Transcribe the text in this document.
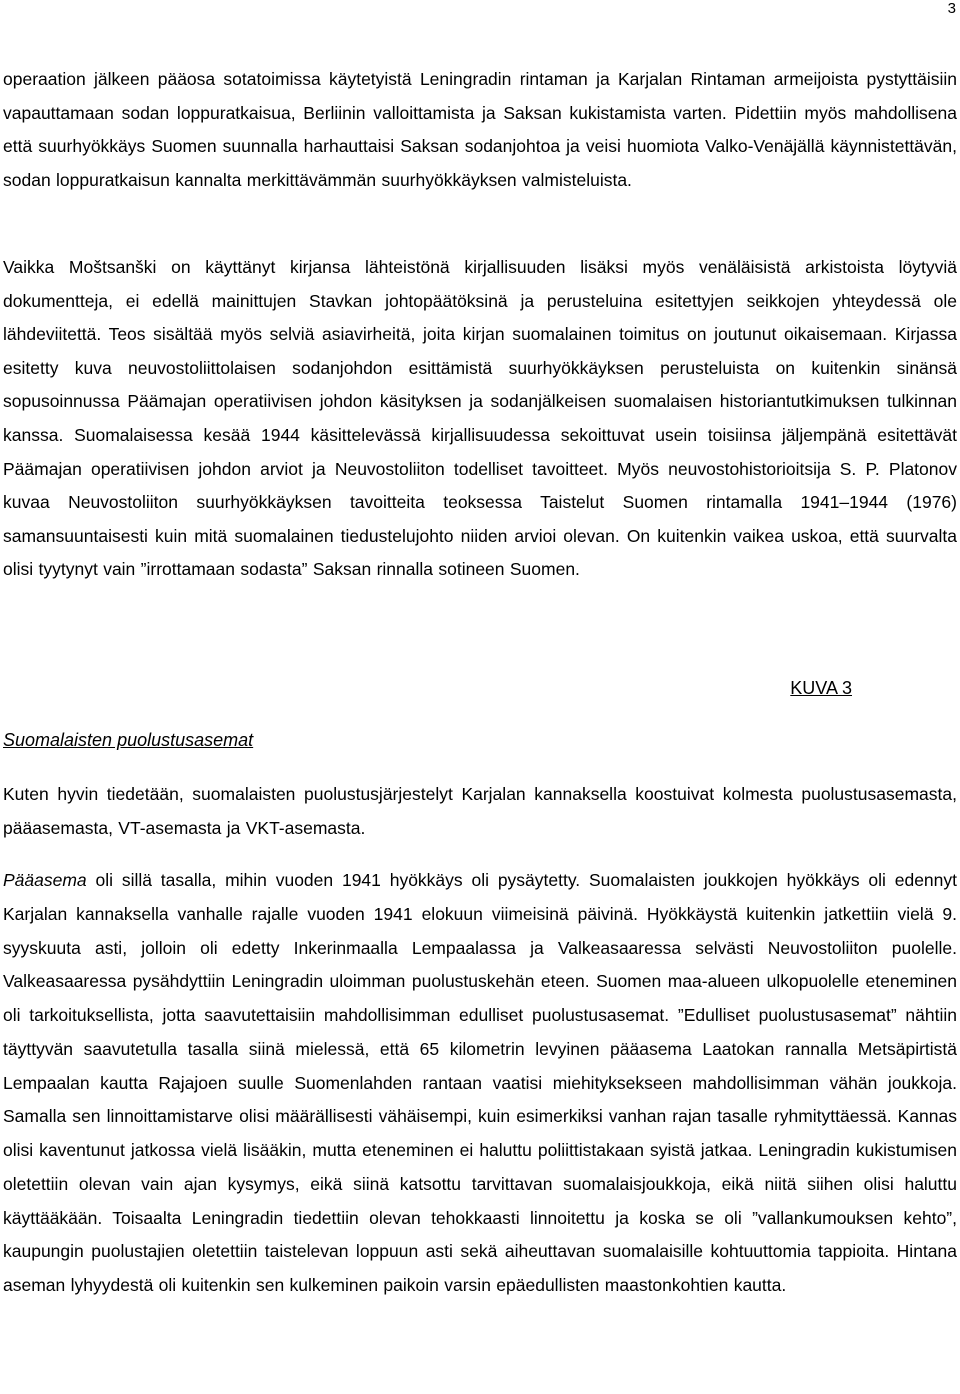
3

operaation jälkeen pääosa sotatoimissa käytetyistä Leningradin rintaman ja Karjalan Rintaman armeijoista pystyttäisiin vapauttamaan sodan loppuratkaisua, Berliinin valloittamista ja Saksan kukistamista varten. Pidettiin myös mahdollisena että suurhyökkäys Suomen suunnalla harhauttaisi Saksan sodanjohtoa ja veisi huomiota Valko-Venäjällä käynnistettävän, sodan loppuratkaisun kannalta merkittävämmän suurhyökkäyksen valmisteluista.

Vaikka Moštsanški on käyttänyt kirjansa lähteistönä kirjallisuuden lisäksi myös venäläisistä arkistoista löytyviä dokumentteja, ei edellä mainittujen Stavkan johtopäätöksinä ja perusteluina esitettyjen seikkojen yhteydessä ole lähdeviitettä. Teos sisältää myös selviä asiavirheitä, joita kirjan suomalainen toimitus on joutunut oikaisemaan. Kirjassa esitetty kuva neuvostoliittolaisen sodanjohdon esittämistä suurhyökkäyksen perusteluista on kuitenkin sinänsä sopusoinnussa Päämajan operatiivisen johdon käsityksen ja sodanjälkeisen suomalaisen historiantutkimuksen tulkinnan kanssa. Suomalaisessa kesää 1944 käsittelevässä kirjallisuudessa sekoittuvat usein toisiinsa jäljempänä esitettävät Päämajan operatiivisen johdon arviot ja Neuvostoliiton todelliset tavoitteet. Myös neuvostohistorioitsija S. P. Platonov kuvaa Neuvostoliiton suurhyökkäyksen tavoitteita teoksessa Taistelut Suomen rintamalla 1941–1944 (1976) samansuuntaisesti kuin mitä suomalainen tiedustelujohto niiden arvioi olevan. On kuitenkin vaikea uskoa, että suurvalta olisi tyytynyt vain ”irrottamaan sodasta” Saksan rinnalla sotineen Suomen.

KUVA 3
Suomalaisten puolustusasemat

Kuten hyvin tiedetään, suomalaisten puolustusjärjestelyt Karjalan kannaksella koostuivat kolmesta puolustusasemasta, pääasemasta, VT-asemasta ja VKT-asemasta.

Pääasema oli sillä tasalla, mihin vuoden 1941 hyökkäys oli pysäytetty. Suomalaisten joukkojen hyökkäys oli edennyt Karjalan kannaksella vanhalle rajalle vuoden 1941 elokuun viimeisinä päivinä. Hyökkäystä kuitenkin jatkettiin vielä 9. syyskuuta asti, jolloin oli edetty Inkerinmaalla Lempaalassa ja Valkeasaaressa selvästi Neuvostoliiton puolelle. Valkeasaaressa pysähdyttiin Leningradin uloimman puolustuskehän eteen. Suomen maa-alueen ulkopuolelle eteneminen oli tarkoituksellista, jotta saavutettaisiin mahdollisimman edulliset puolustusasemat. ”Edulliset puolustusasemat” nähtiin täyttyvän saavutetulla tasalla siinä mielessä, että 65 kilometrin levyinen pääasema Laatokan rannalla Metsäpirtistä Lempaalan kautta Rajajoen suulle Suomenlahden rantaan vaatisi miehityksekseen mahdollisimman vähän joukkoja. Samalla sen linnoittamistarve olisi määrällisesti vähäisempi, kuin esimerkiksi vanhan rajan tasalle ryhmityttäessä. Kannas olisi kaventunut jatkossa vielä lisääkin, mutta eteneminen ei haluttu poliittistakaan syistä jatkaa. Leningradin kukistumisen oletettiin olevan vain ajan kysymys, eikä siinä katsottu tarvittavan suomalaisjoukkoja, eikä niitä siihen olisi haluttu käyttääkään. Toisaalta Leningradin tiedettiin olevan tehokkaasti linnoitettu ja koska se oli ”vallankumouksen kehto”, kaupungin puolustajien oletettiin taistelevan loppuun asti sekä aiheuttavan suomalaisille kohtuuttomia tappioita. Hintana aseman lyhyydestä oli kuitenkin sen kulkeminen paikoin varsin epäedullisten maastonkohtien kautta.
